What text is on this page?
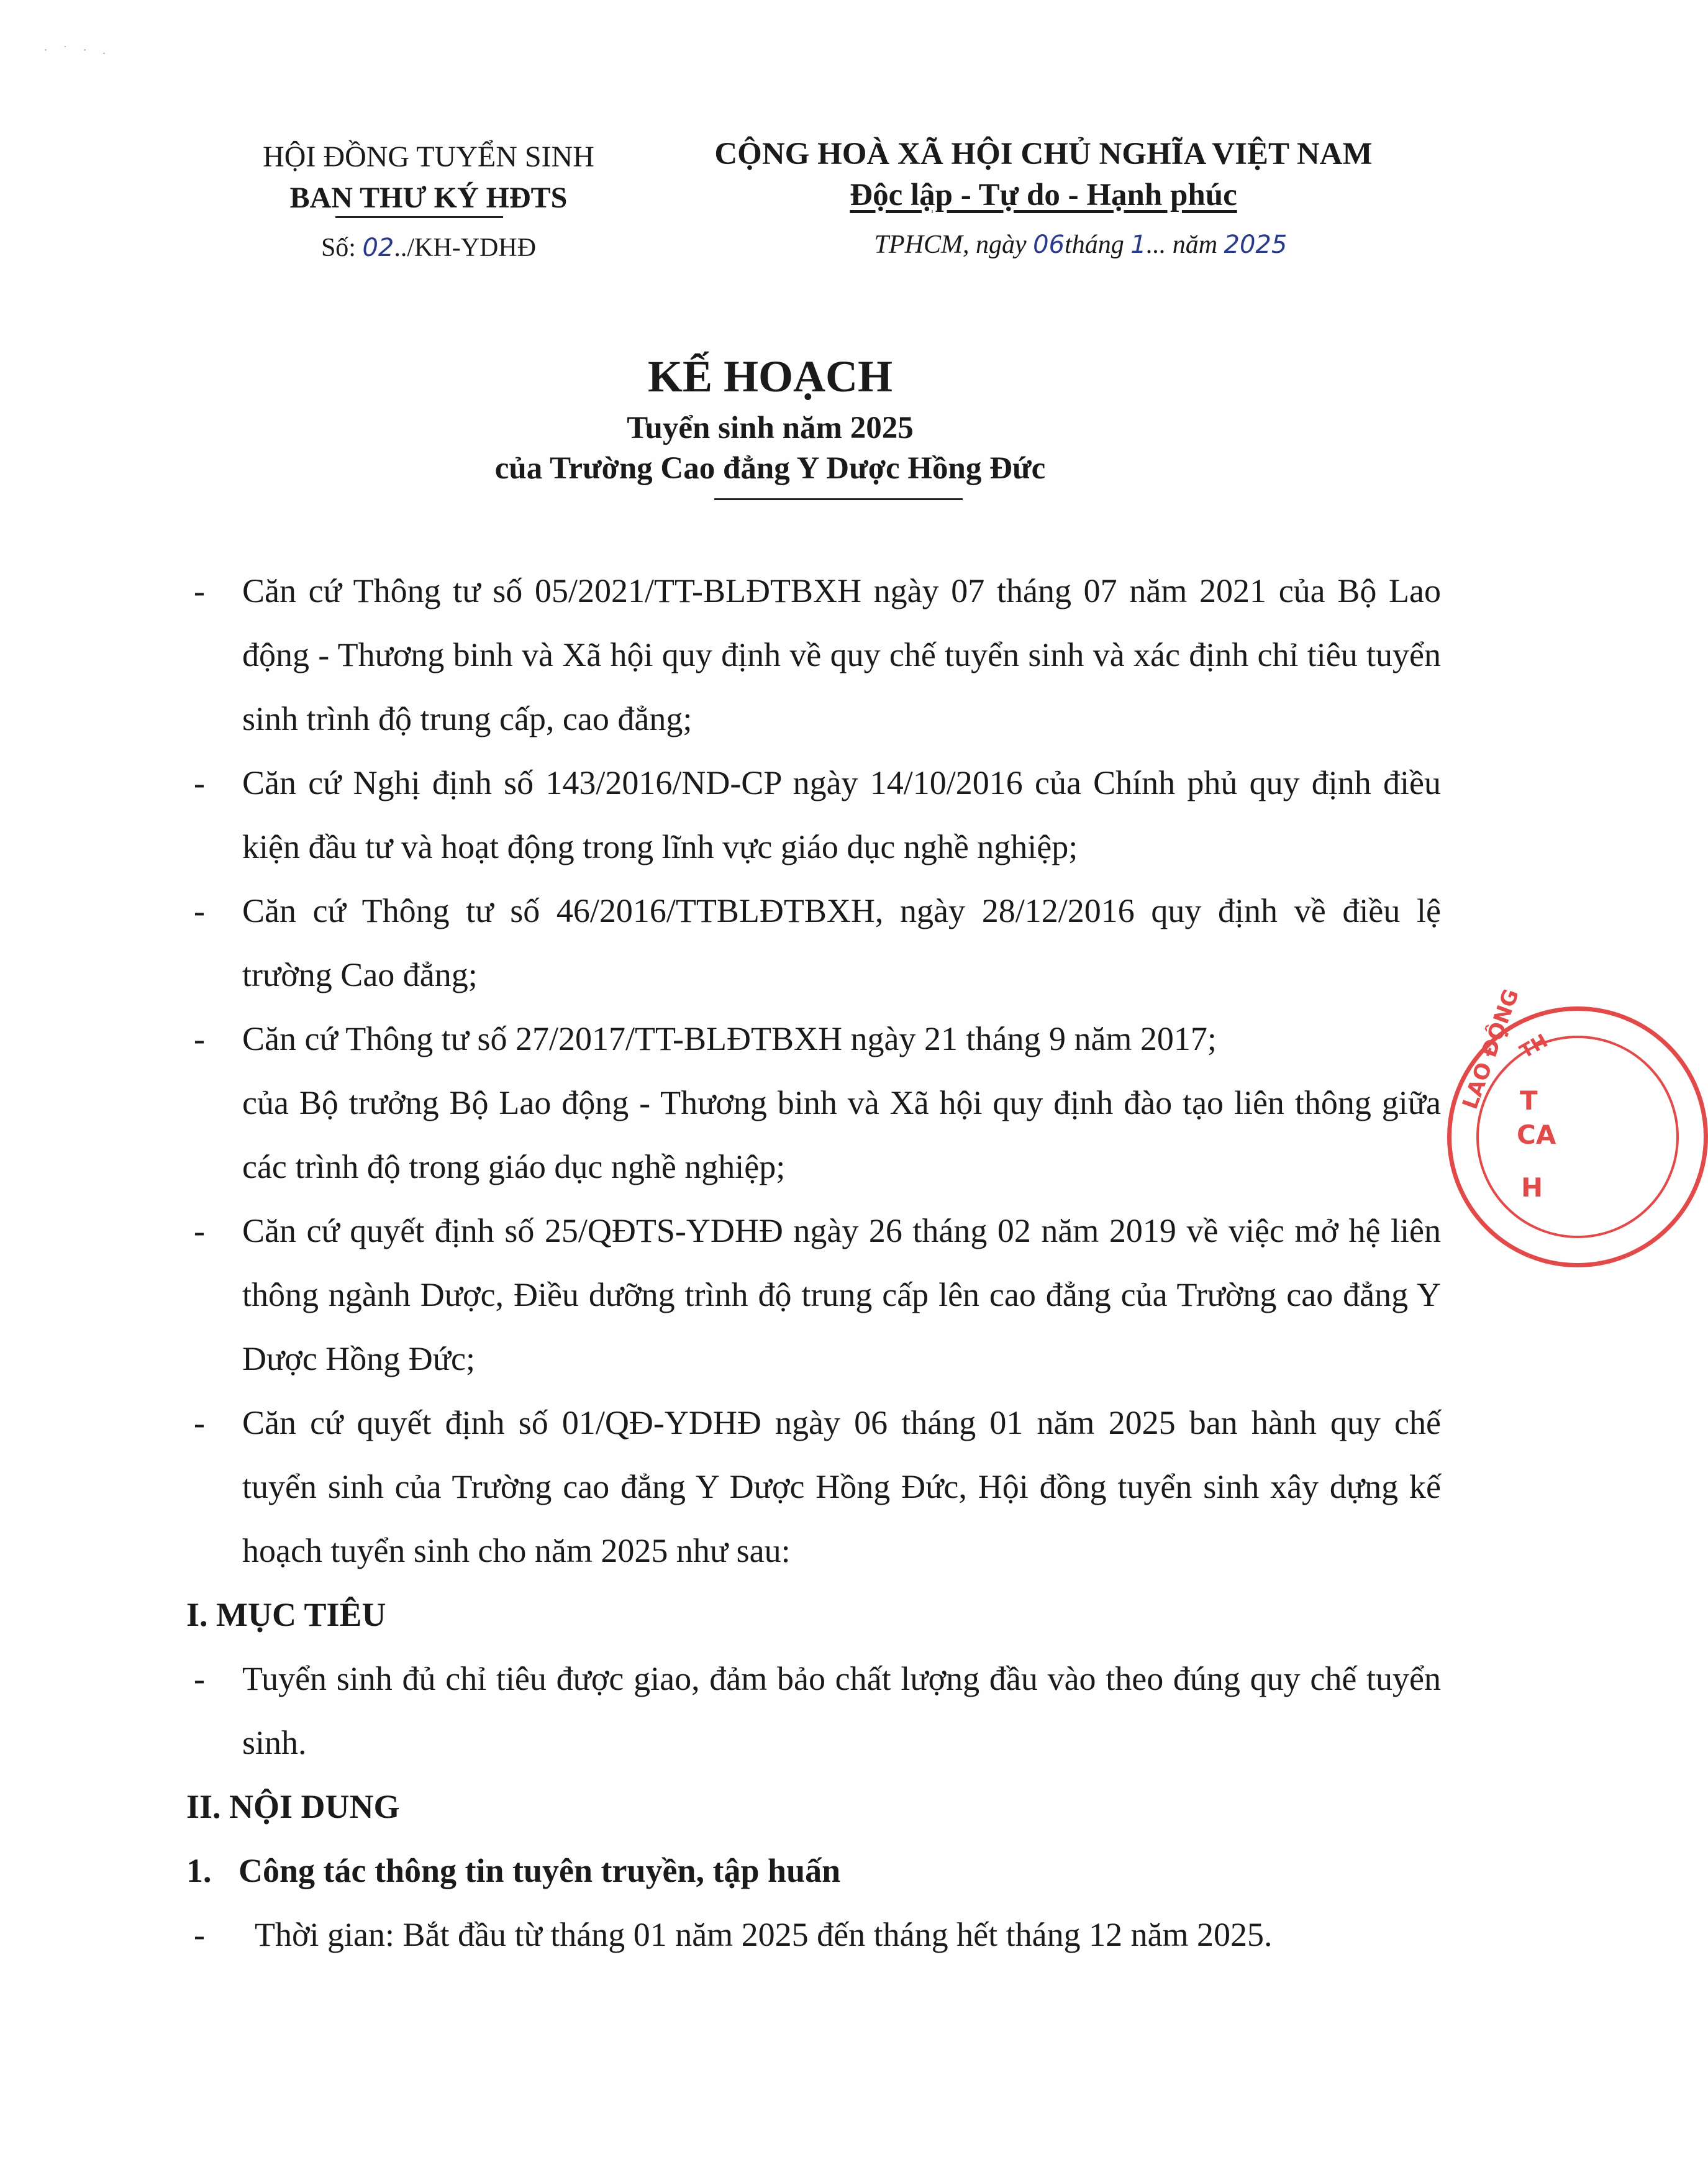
· ˙ · .
HỘI ĐỒNG TUYỂN SINH
BAN THƯ KÝ HĐTS
Số: 02../KH-YDHĐ
CỘNG HOÀ XÃ HỘI CHỦ NGHĨA VIỆT NAM
Độc lập - Tự do - Hạnh phúc
TPHCM, ngày 06tháng 1... năm 2025
KẾ HOẠCH
Tuyển sinh năm 2025
của Trường Cao đẳng Y Dược Hồng Đức
- Căn cứ Thông tư số 05/2021/TT-BLĐTBXH ngày 07 tháng 07 năm 2021 của Bộ Lao động - Thương binh và Xã hội quy định về quy chế tuyển sinh và xác định chỉ tiêu tuyển sinh trình độ trung cấp, cao đẳng;
- Căn cứ Nghị định số 143/2016/ND-CP ngày 14/10/2016 của Chính phủ quy định điều kiện đầu tư và hoạt động trong lĩnh vực giáo dục nghề nghiệp;
- Căn cứ Thông tư số 46/2016/TTBLĐTBXH, ngày 28/12/2016 quy định về điều lệ trường Cao đẳng;
- Căn cứ Thông tư số 27/2017/TT-BLĐTBXH ngày 21 tháng 9 năm 2017;
của Bộ trưởng Bộ Lao động - Thương binh và Xã hội quy định đào tạo liên thông giữa các trình độ trong giáo dục nghề nghiệp;
- Căn cứ quyết định số 25/QĐTS-YDHĐ ngày 26 tháng 02 năm 2019 về việc mở hệ liên thông ngành Dược, Điều dưỡng trình độ trung cấp lên cao đẳng của Trường cao đẳng Y Dược Hồng Đức;
- Căn cứ quyết định số 01/QĐ-YDHĐ ngày 06 tháng 01 năm 2025 ban hành quy chế tuyển sinh của Trường cao đẳng Y Dược Hồng Đức, Hội đồng tuyển sinh xây dựng kế hoạch tuyển sinh cho năm 2025 như sau:
I. MỤC TIÊU
- Tuyển sinh đủ chỉ tiêu được giao, đảm bảo chất lượng đầu vào theo đúng quy chế tuyển sinh.
II. NỘI DUNG
1. Công tác thông tin tuyên truyền, tập huấn
- Thời gian: Bắt đầu từ tháng 01 năm 2025 đến tháng hết tháng 12 năm 2025.
LAO ĐỘNG
TH
T
CA
H
